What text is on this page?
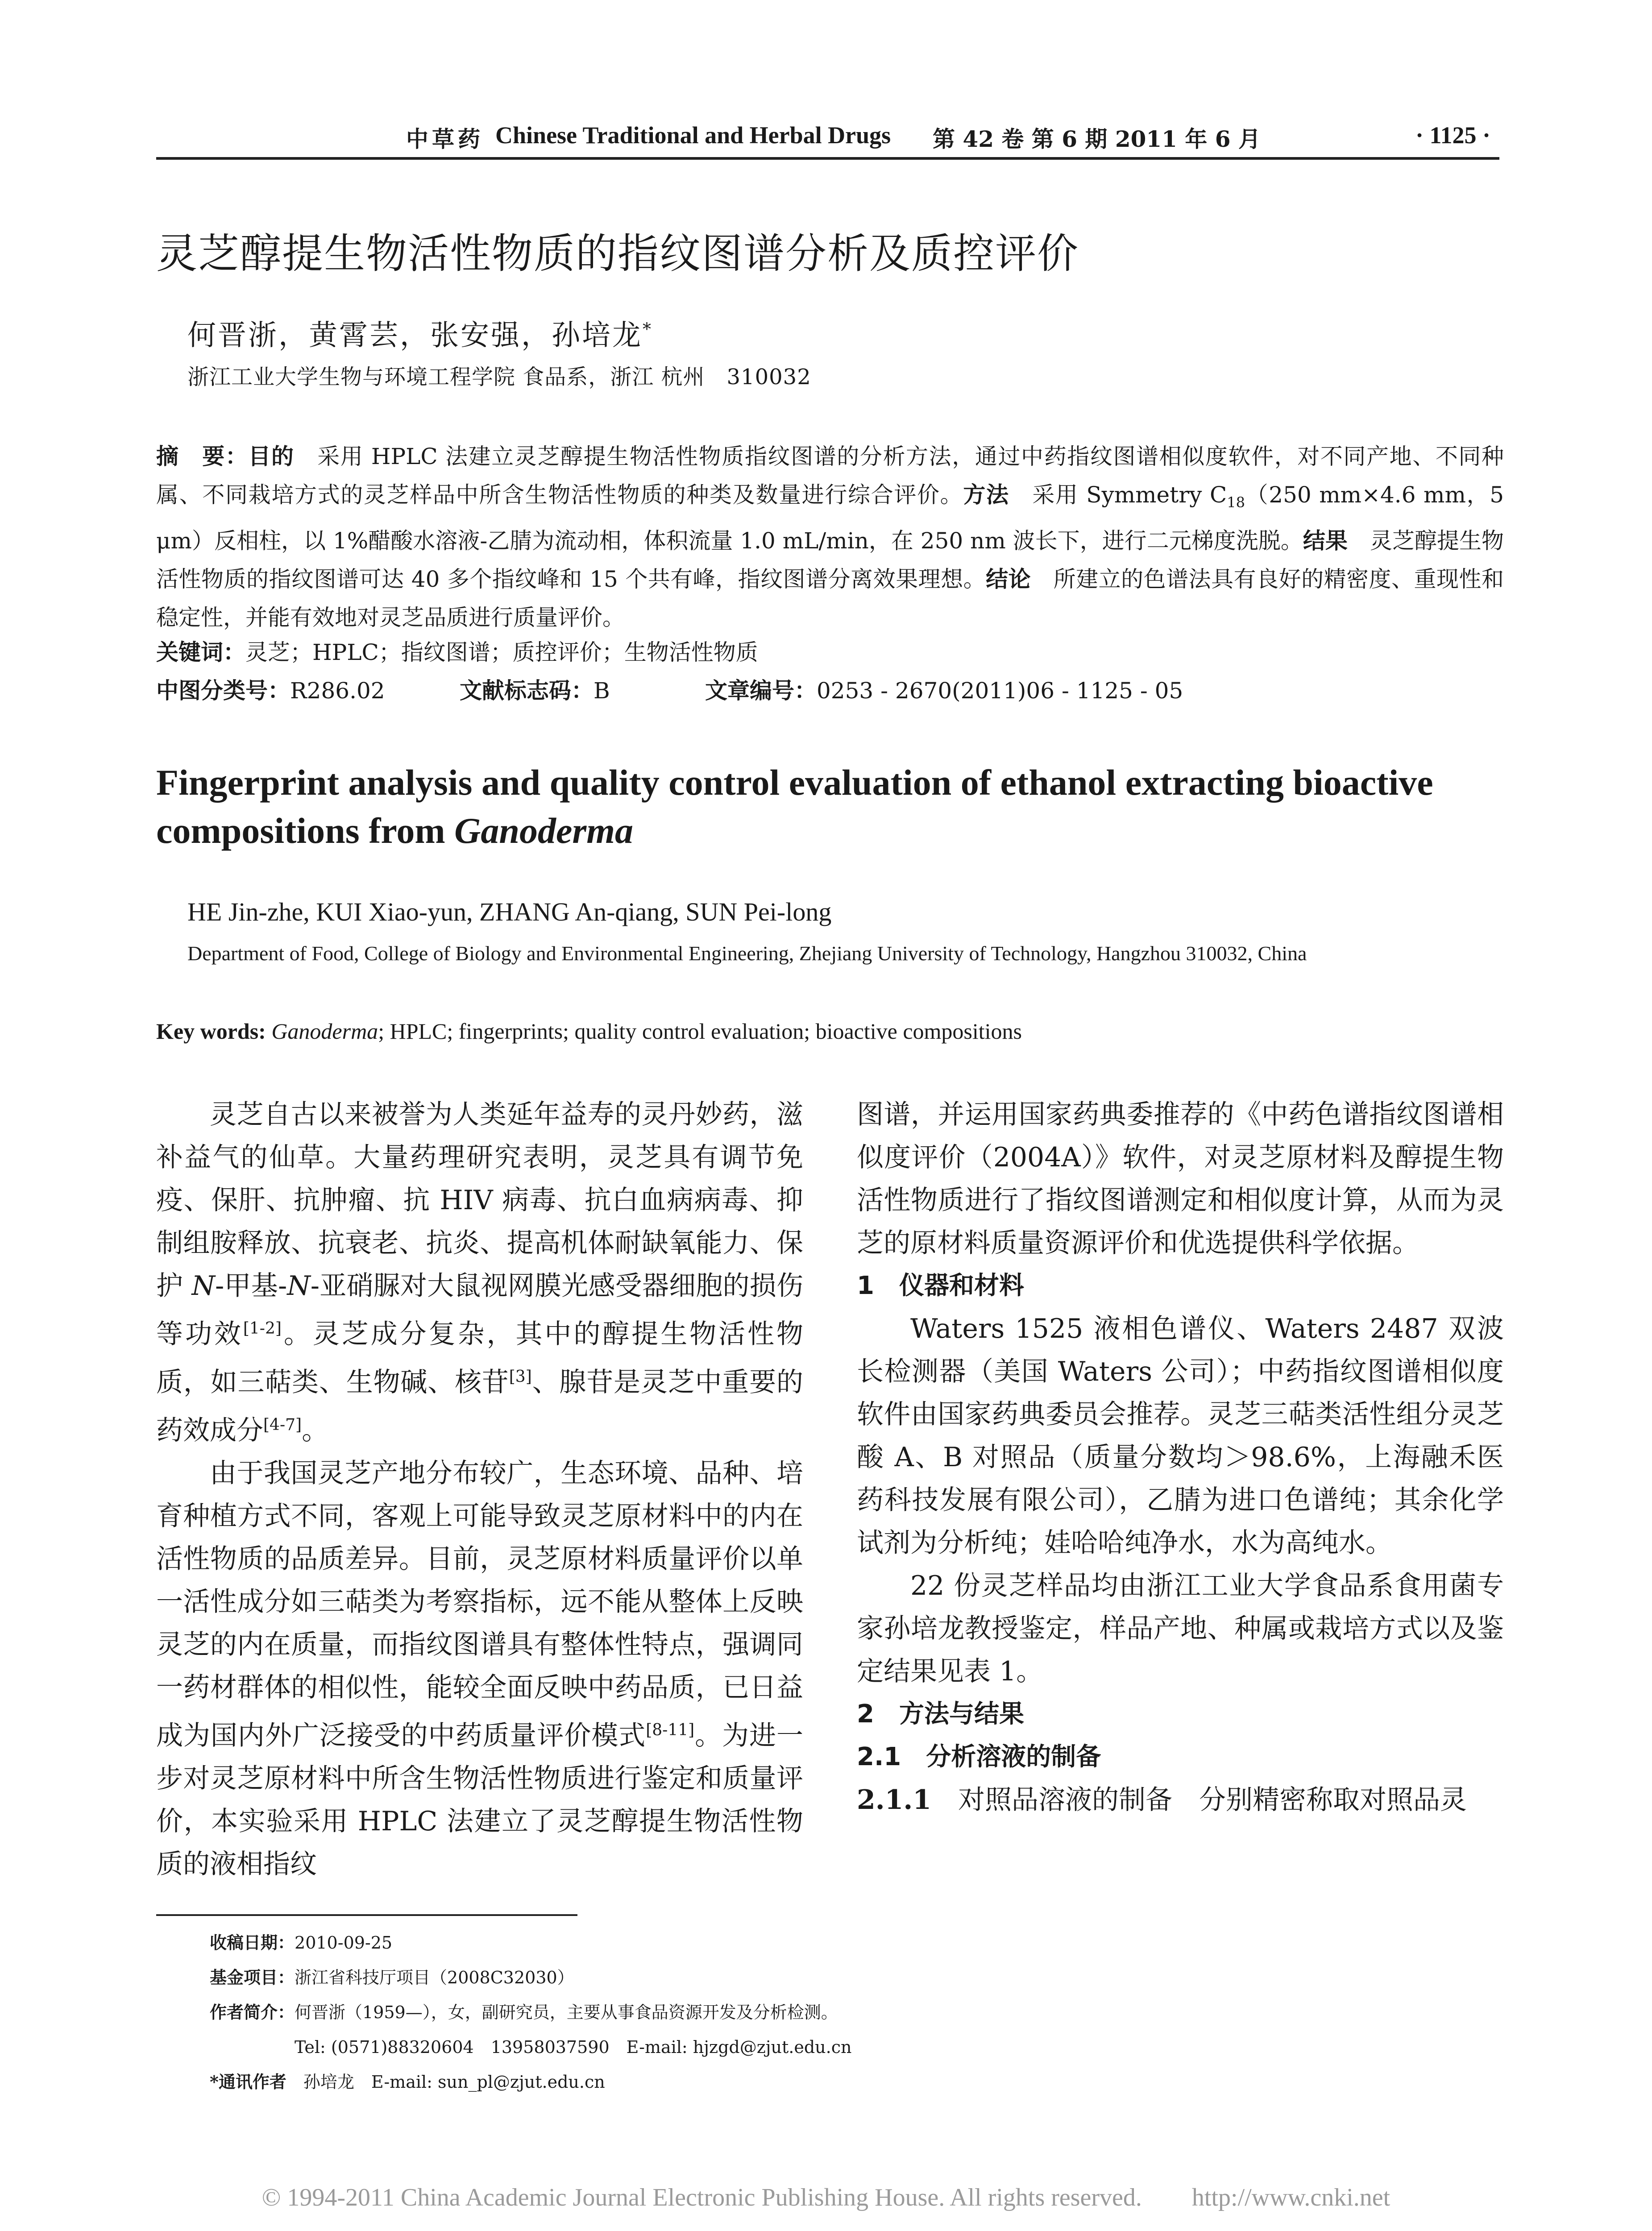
中草药 Chinese Traditional and Herbal Drugs 第 42 卷 第 6 期 2011 年 6 月	· 1125 ·
灵芝醇提生物活性物质的指纹图谱分析及质控评价
何晋浙，黄霄芸，张安强，孙培龙*
浙江工业大学生物与环境工程学院 食品系，浙江 杭州　310032
摘　要：目的　 采用 HPLC 法建立灵芝醇提生物活性物质指纹图谱的分析方法，通过中药指纹图谱相似度软件，对不同产地、不同种属、不同栽培方式的灵芝样品中所含生物活性物质的种类及数量进行综合评价。方法　 采用 Symmetry $C_{18}(250$ mm×4.6 mm，5 μm）反相柱，以 1%醋酸水溶液-乙腈为流动相，体积流量 1.0 mL/min，在 250 nm 波长下，进行二元梯度洗脱。结果　 灵芝醇提生物活性物质的指纹图谱可达 40 多个指纹峰和 15 个共有峰，指纹图谱分离效果理想。结论　 所建立的色谱法具有良好的精密度、重现性和稳定性，并能有效地对灵芝品质进行质量评价。
关键词：灵芝；HPLC；指纹图谱；质控评价；生物活性物质
中图分类号：R286.02	文献标志码：B	文章编号：0253 - 2670(2011)06 - 1125 - 05
Fingerprint analysis and quality control evaluation of ethanol extracting bioactive compositions from Ganoderma
HE Jin-zhe, KUI Xiao-yun, ZHANG An-qiang, SUN Pei-long
Department of Food, College of Biology and Environmental Engineering, Zhejiang University of Technology, Hangzhou 310032, China
Key words: Ganoderma; HPLC; fingerprints; quality control evaluation; bioactive compositions

灵芝自古以来被誉为人类延年益寿的灵丹妙药，滋补益气的仙草。大量药理研究表明，灵芝具有调节免疫、保肝、抗肿瘤、抗 HIV 病毒、抗白血病病毒、抑制组胺释放、抗衰老、抗炎、提高机体耐缺氧能力、保护 N-甲基-N-亚硝脲对大鼠视网膜光感受器细胞的损伤等功效[1-2]。灵芝成分复杂，其中的醇提生物活性物质，如三萜类、生物碱、核苷[3]、腺苷是灵芝中重要的药效成分[4-7]。

由于我国灵芝产地分布较广，生态环境、品种、培育种植方式不同，客观上可能导致灵芝原材料中的内在活性物质的品质差异。目前，灵芝原材料质量评价以单一活性成分如三萜类为考察指标，远不能从整体上反映灵芝的内在质量，而指纹图谱具有整体性特点，强调同一药材群体的相似性，能较全面反映中药品质，已日益成为国内外广泛接受的中药质量评价模式[8-11]。为进一步对灵芝原材料中所含生物活性物质进行鉴定和质量评价，本实验采用 HPLC 法建立了灵芝醇提生物活性物质的液相指纹

图谱，并运用国家药典委推荐的《中药色谱指纹图谱相似度评价（2004A）》软件，对灵芝原材料及醇提生物活性物质进行了指纹图谱测定和相似度计算，从而为灵芝的原材料质量资源评价和优选提供科学依据。

1　仪器和材料

Waters 1525 液相色谱仪、Waters 2487 双波长检测器（美国 Waters 公司）；中药指纹图谱相似度软件由国家药典委员会推荐。灵芝三萜类活性组分灵芝酸 A、B 对照品（质量分数均＞98.6%，上海融禾医药科技发展有限公司），乙腈为进口色谱纯；其余化学试剂为分析纯；娃哈哈纯净水，水为高纯水。

22 份灵芝样品均由浙江工业大学食品系食用菌专家孙培龙教授鉴定，样品产地、种属或栽培方式以及鉴定结果见表 1。

2　方法与结果
2.1　分析溶液的制备

2.1.1　对照品溶液的制备　分别精密称取对照品灵

收稿日期：2010-09-25
基金项目：浙江省科技厅项目（2008C32030）
作者简介：何晋浙（1959—），女，副研究员，主要从事食品资源开发及分析检测。
Tel: (0571)88320604　13958037590　E-mail: hjzgd@zjut.edu.cn
*通讯作者　孙培龙　E-mail: sun_pl@zjut.edu.cn
© 1994-2011 China Academic Journal Electronic Publishing House. All rights reserved.　　http://www.cnki.net
